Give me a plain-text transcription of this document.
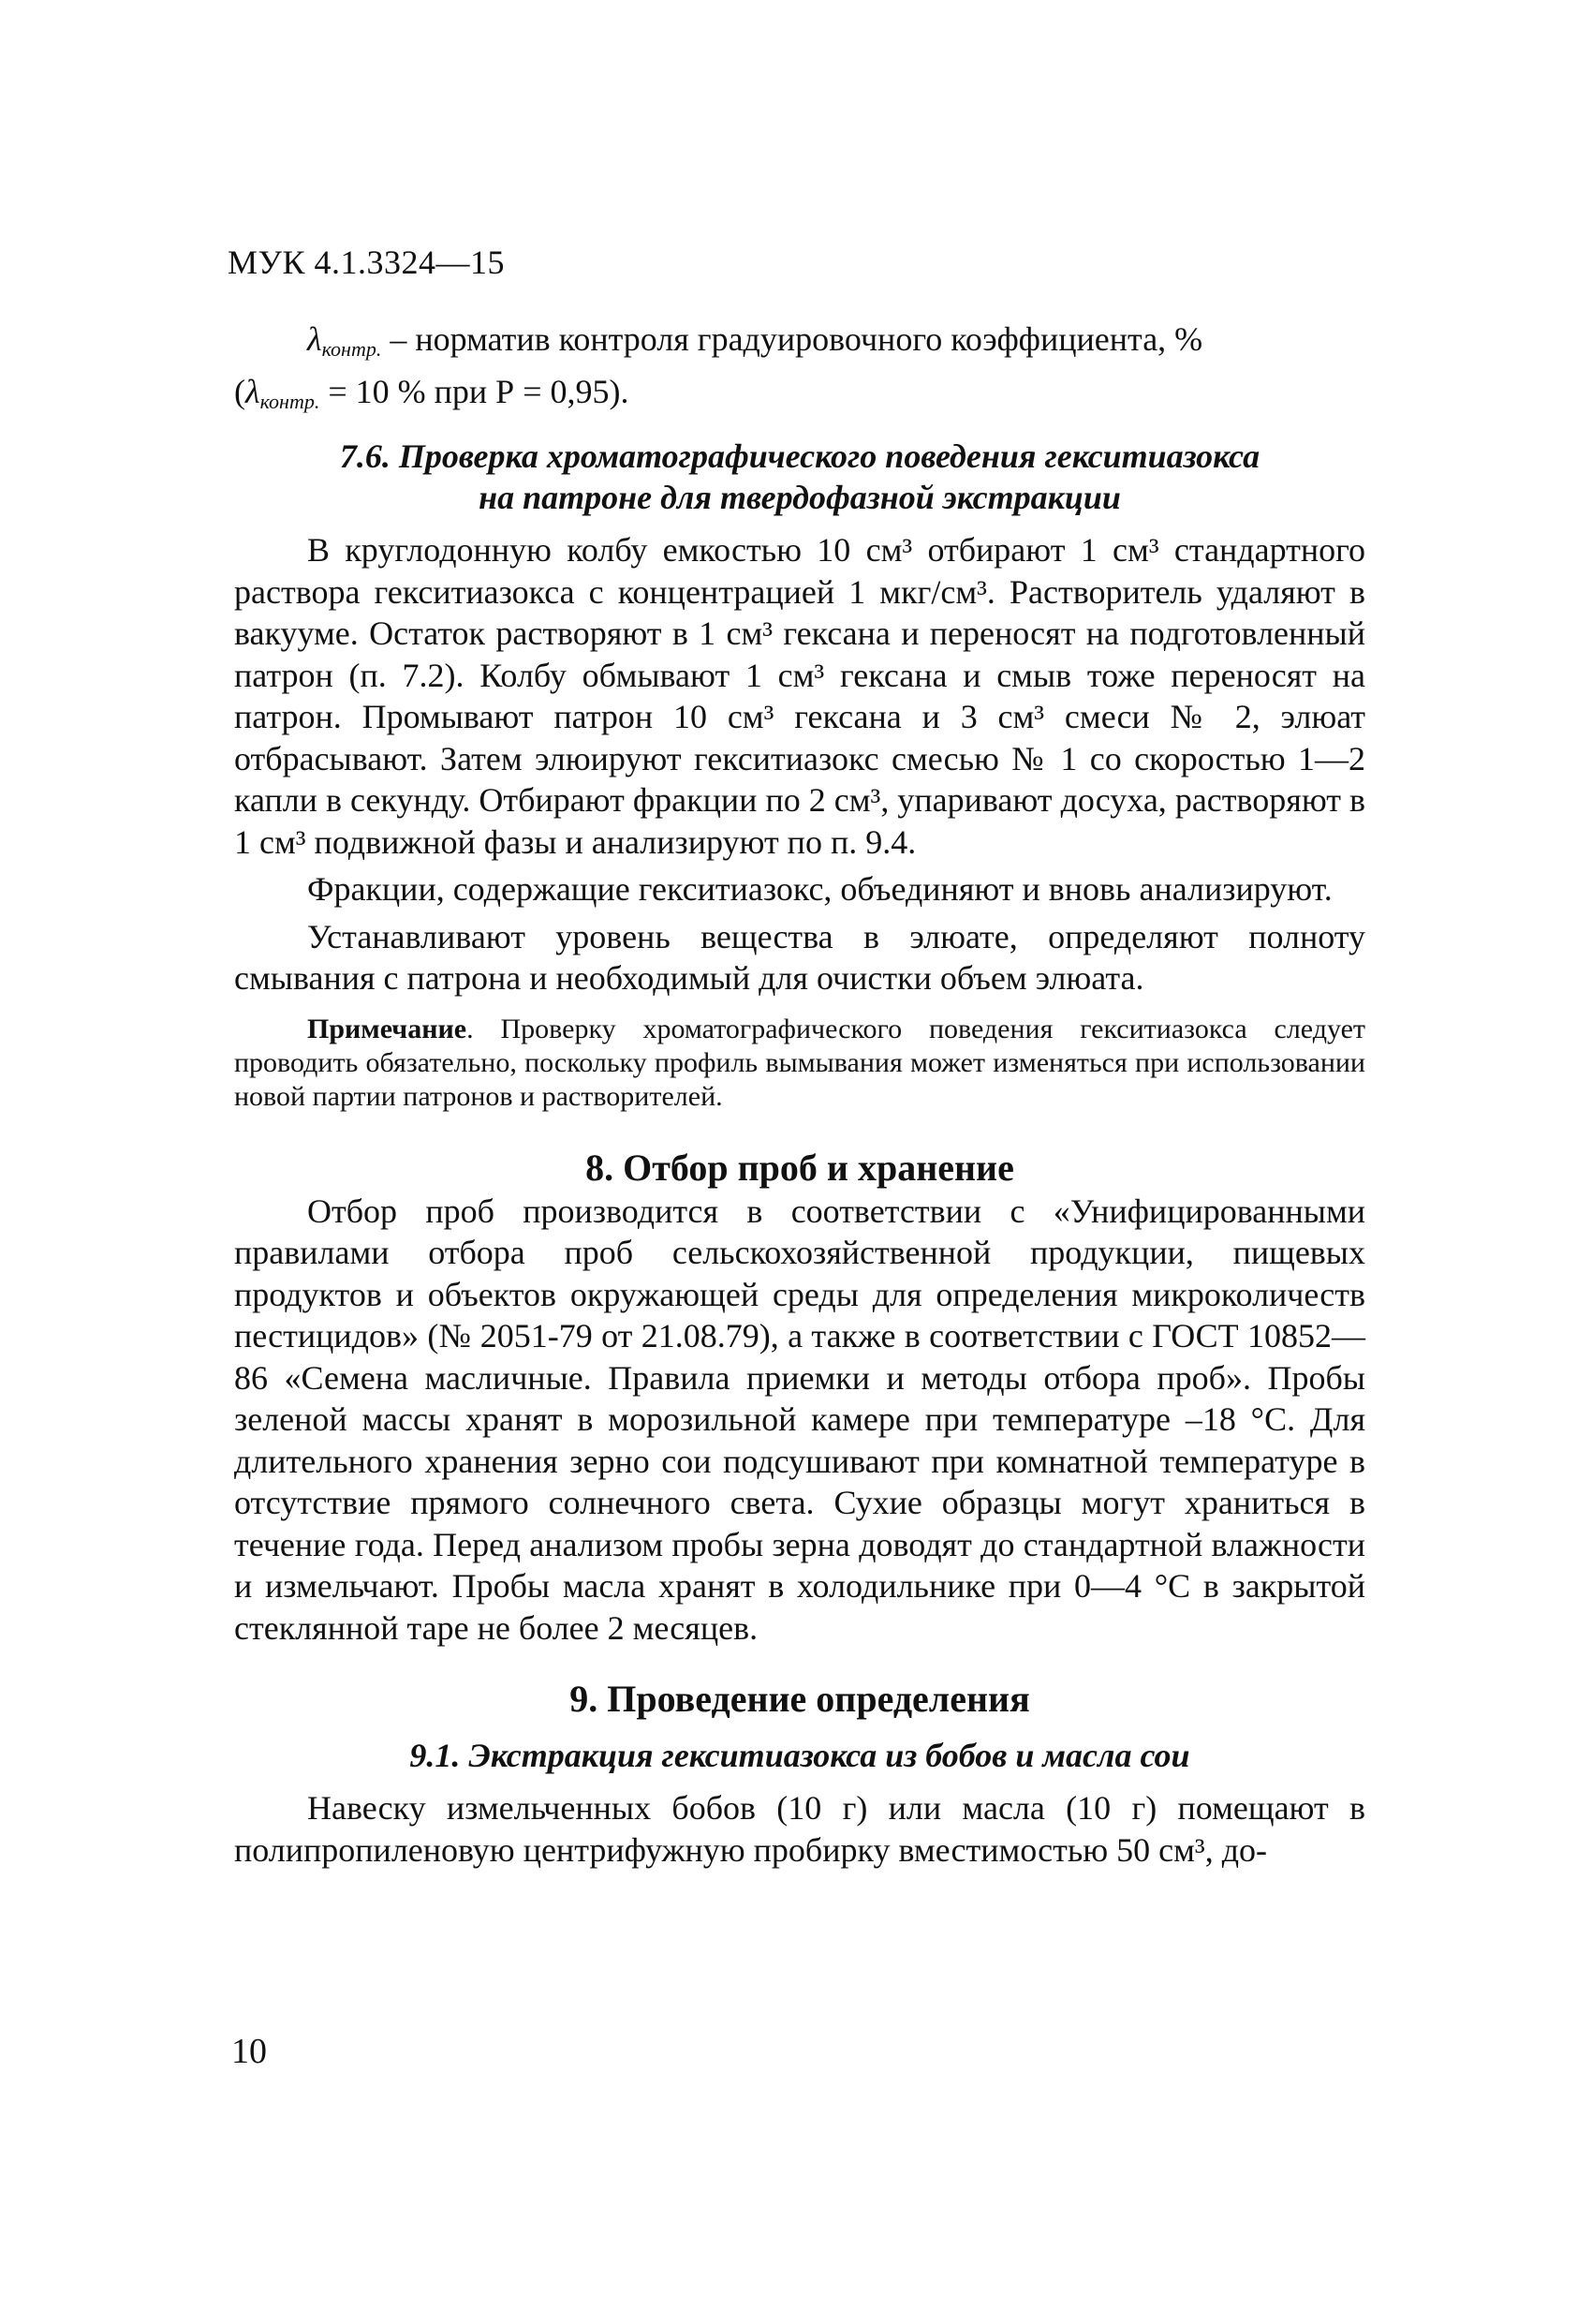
МУК 4.1.3324—15

$\lambda_{контр.}$ – норматив контроля градуировочного коэффициента, %

($\lambda_{контр.} = 10$ % при Р = 0,95).

7.6. Проверка хроматографического поведения гекситиазокса
на патроне для твердофазной экстракции

В круглодонную колбу емкостью 10 см³ отбирают 1 см³ стандартного раствора гекситиазокса с концентрацией 1 мкг/см³. Растворитель удаляют в вакууме. Остаток растворяют в 1 см³ гексана и переносят на подготовленный патрон (п. 7.2). Колбу обмывают 1 см³ гексана и смыв тоже переносят на патрон. Промывают патрон 10 см³ гексана и 3 см³ смеси № 2, элюат отбрасывают. Затем элюируют гекситиазокс смесью № 1 со скоростью 1—2 капли в секунду. Отбирают фракции по 2 см³, упаривают досуха, растворяют в 1 см³ подвижной фазы и анализируют по п. 9.4.

Фракции, содержащие гекситиазокс, объединяют и вновь анализируют.

Устанавливают уровень вещества в элюате, определяют полноту смывания с патрона и необходимый для очистки объем элюата.

Примечание. Проверку хроматографического поведения гекситиазокса следует проводить обязательно, поскольку профиль вымывания может изменяться при использовании новой партии патронов и растворителей.

8. Отбор проб и хранение

Отбор проб производится в соответствии с «Унифицированными правилами отбора проб сельскохозяйственной продукции, пищевых продуктов и объектов окружающей среды для определения микроколичеств пестицидов» (№ 2051-79 от 21.08.79), а также в соответствии с ГОСТ 10852—86 «Семена масличные. Правила приемки и методы отбора проб». Пробы зеленой массы хранят в морозильной камере при температуре –18 °С. Для длительного хранения зерно сои подсушивают при комнатной температуре в отсутствие прямого солнечного света. Сухие образцы могут храниться в течение года. Перед анализом пробы зерна доводят до стандартной влажности и измельчают. Пробы масла хранят в холодильнике при 0—4 °С в закрытой стеклянной таре не более 2 месяцев.

9. Проведение определения
9.1. Экстракция гекситиазокса из бобов и масла сои

Навеску измельченных бобов (10 г) или масла (10 г) помещают в полипропиленовую центрифужную пробирку вместимостью 50 см³, до-

10
